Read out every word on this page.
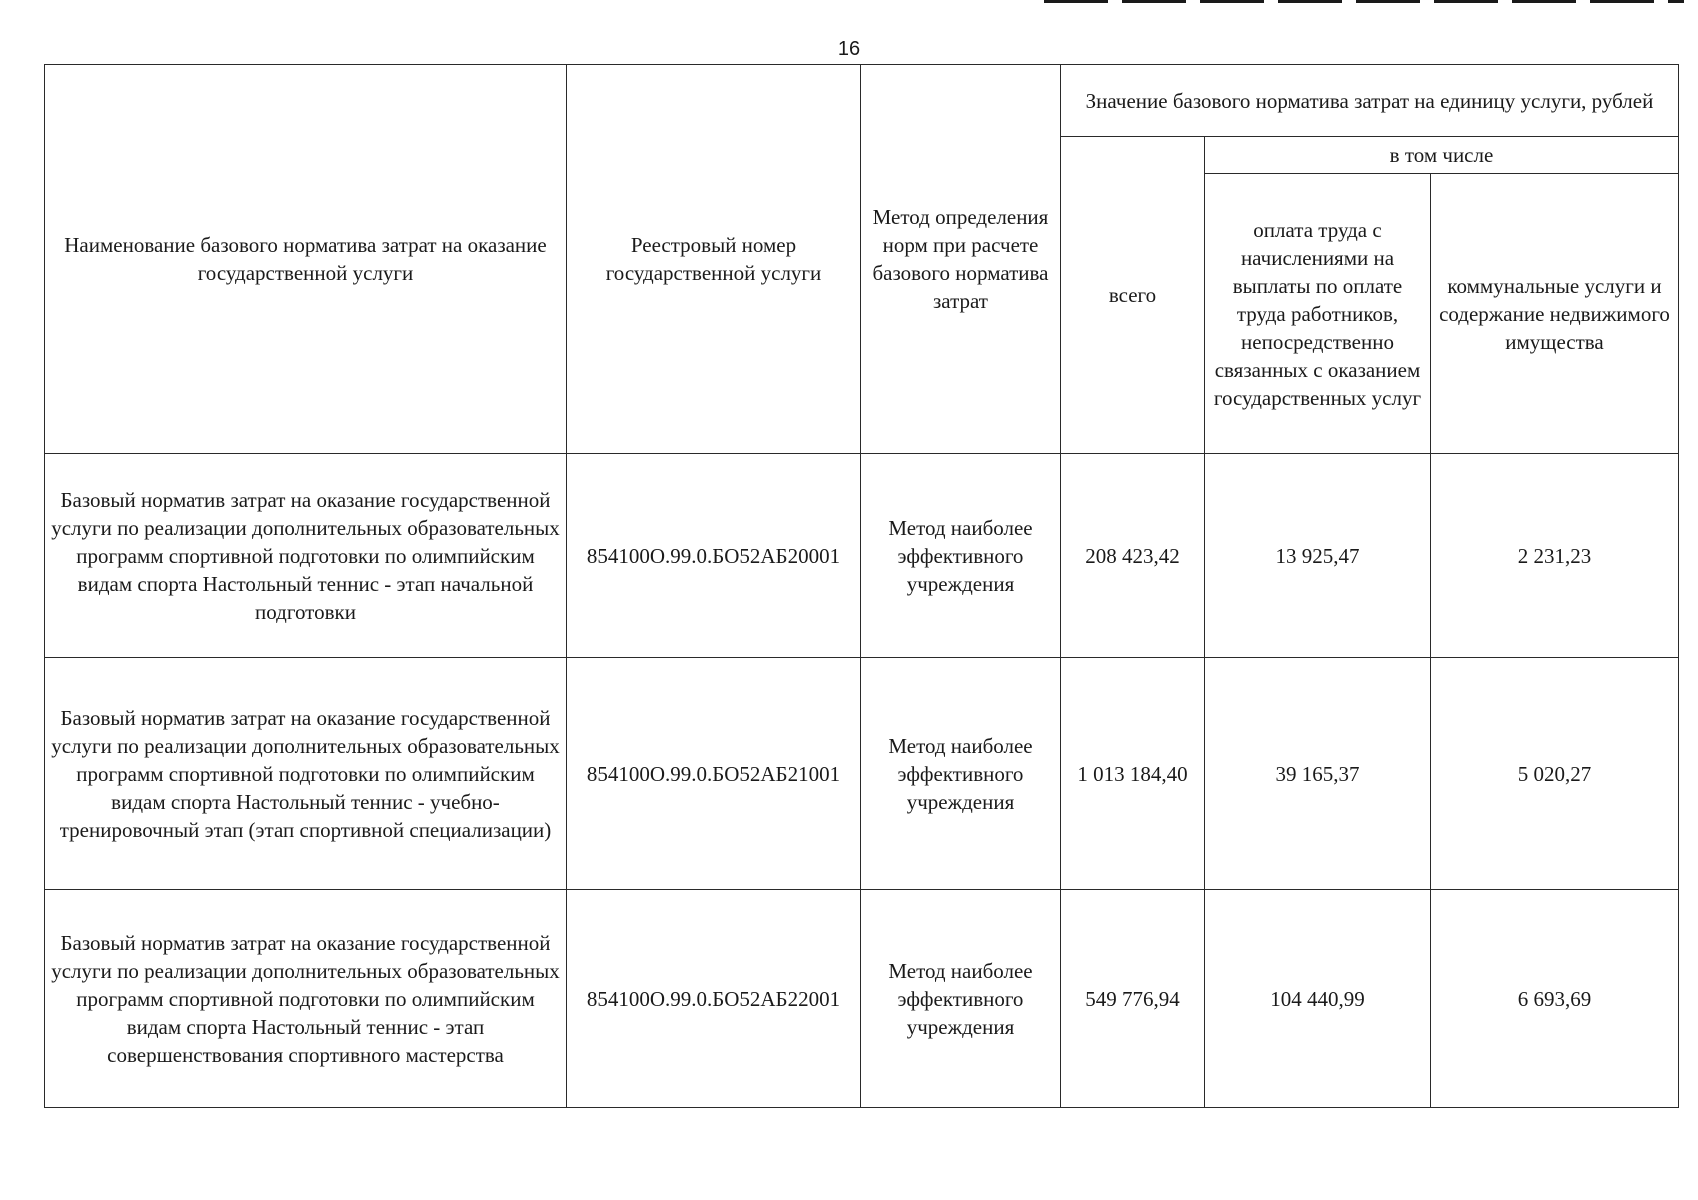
16
Наименование базового норматива затрат на оказание государственной услуги	Реестровый номер государственной услуги	Метод определения норм при расчете базового норматива затрат	Значение базового норматива затрат на единицу услуги, рублей		
			всего	в том числе	
				оплата труда с начислениями на выплаты по оплате труда работников, непосредственно связанных с оказанием государственных услуг	коммунальные услуги и содержание недвижимого имущества
Базовый норматив затрат на оказание государственной услуги по реализации дополнительных образовательных программ спортивной подготовки по олимпийским видам спорта Настольный теннис - этап начальной подготовки	854100О.99.0.БО52АБ20001	Метод наиболее эффективного учреждения	208 423,42	13 925,47	2 231,23
Базовый норматив затрат на оказание государственной услуги по реализации дополнительных образовательных программ спортивной подготовки по олимпийским видам спорта Настольный теннис - учебно-тренировочный этап (этап спортивной специализации)	854100О.99.0.БО52АБ21001	Метод наиболее эффективного учреждения	1 013 184,40	39 165,37	5 020,27
Базовый норматив затрат на оказание государственной услуги по реализации дополнительных образовательных программ спортивной подготовки по олимпийским видам спорта Настольный теннис - этап совершенствования спортивного мастерства	854100О.99.0.БО52АБ22001	Метод наиболее эффективного учреждения	549 776,94	104 440,99	6 693,69
